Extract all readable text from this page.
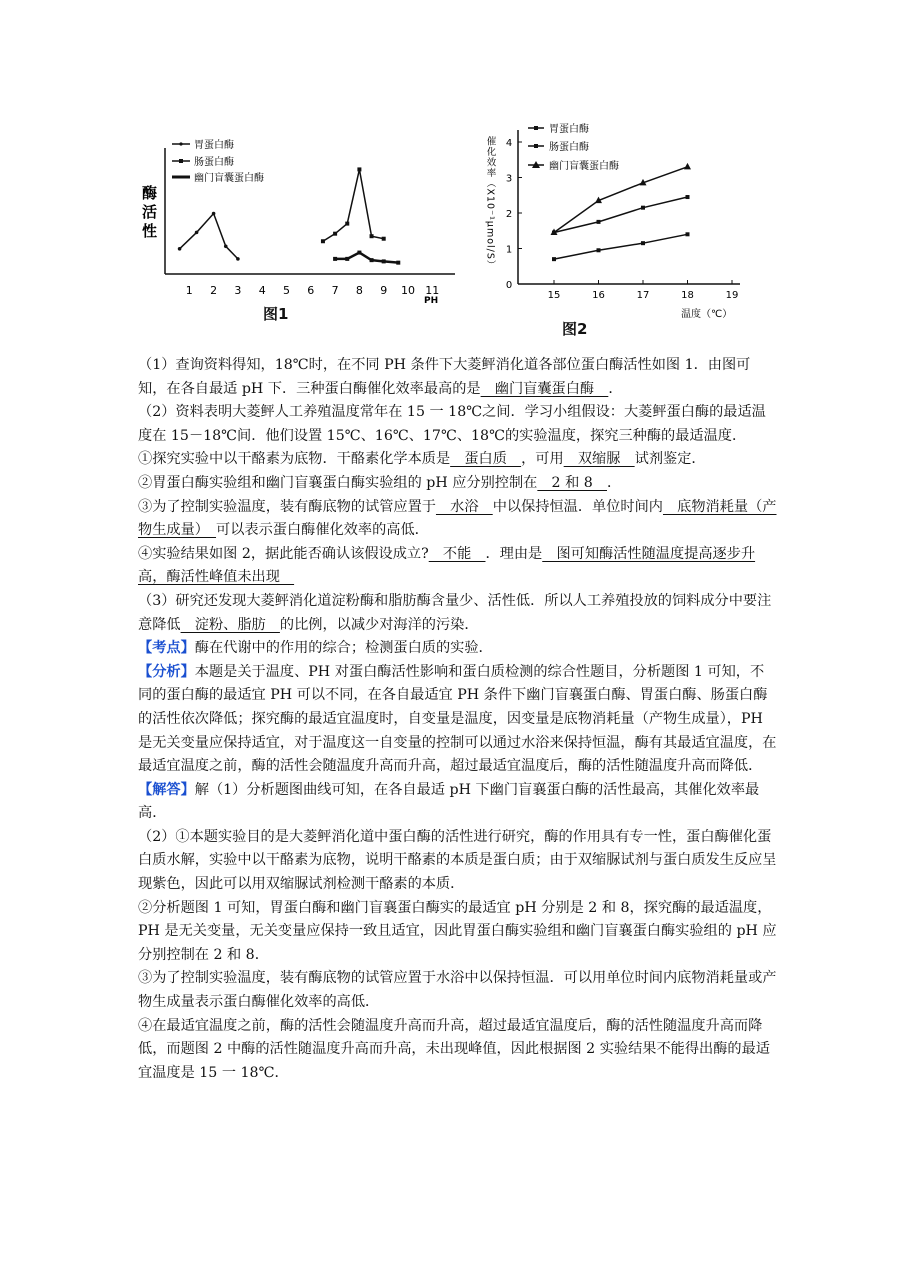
酶活性
PH
1 2 3 4 5 6 7 8 9 10 11
胃蛋白酶
肠蛋白酶
幽门盲囊蛋白酶
图1
催化效率（X10⁻¹μmol/S）
温度（℃）
15	16	17	18	19
0
1
2
3
4
胃蛋白酶
肠蛋白酶
幽门盲囊蛋白酶
图2

（1）查询资料得知，18℃时，在不同 PH 条件下大菱鲆消化道各部位蛋白酶活性如图 1．由图可知，在各自最适 pH 下．三种蛋白酶催化效率最高的是　幽门盲囊蛋白酶　．

（2）资料表明大菱鲆人工养殖温度常年在 15 一 18℃之间．学习小组假设：大菱鲆蛋白酶的最适温度在 15－18℃间．他们设置 15℃、16℃、17℃、18℃的实验温度，探究三种酶的最适温度．

①探究实验中以干酪素为底物．干酪素化学本质是　蛋白质　，可用　双缩脲　试剂鉴定．

②胃蛋白酶实验组和幽门盲襄蛋白酶实验组的 pH 应分别控制在　2 和 8　．

③为了控制实验温度，装有酶底物的试管应置于　水浴　中以保持恒温．单位时间内　底物消耗量（产物生成量）　可以表示蛋白酶催化效率的高低．

④实验结果如图 2，据此能否确认该假设成立?　不能　．理由是　图可知酶活性随温度提高逐步升高，酶活性峰值未出现　

（3）研究还发现大菱鲆消化道淀粉酶和脂肪酶含量少、活性低．所以人工养殖投放的饲料成分中要注意降低　淀粉、脂肪　的比例，以减少对海洋的污染．

【考点】酶在代谢中的作用的综合；检测蛋白质的实验．

【分析】本题是关于温度、PH 对蛋白酶活性影响和蛋白质检测的综合性题目，分析题图 1 可知，不同的蛋白酶的最适宜 PH 可以不同，在各自最适宜 PH 条件下幽门盲襄蛋白酶、胃蛋白酶、肠蛋白酶的活性依次降低；探究酶的最适宜温度时，自变量是温度，因变量是底物消耗量（产物生成量），PH 是无关变量应保持适宜，对于温度这一自变量的控制可以通过水浴来保持恒温，酶有其最适宜温度，在最适宜温度之前，酶的活性会随温度升高而升高，超过最适宜温度后，酶的活性随温度升高而降低．

【解答】解（1）分析题图曲线可知，在各自最适 pH 下幽门盲襄蛋白酶的活性最高，其催化效率最高．

（2）①本题实验目的是大菱鲆消化道中蛋白酶的活性进行研究，酶的作用具有专一性，蛋白酶催化蛋白质水解，实验中以干酪素为底物，说明干酪素的本质是蛋白质；由于双缩脲试剂与蛋白质发生反应呈现紫色，因此可以用双缩脲试剂检测干酪素的本质．

②分析题图 1 可知，胃蛋白酶和幽门盲襄蛋白酶实的最适宜 pH 分别是 2 和 8，探究酶的最适温度，PH 是无关变量，无关变量应保持一致且适宜，因此胃蛋白酶实验组和幽门盲襄蛋白酶实验组的 pH 应分别控制在 2 和 8．

③为了控制实验温度，装有酶底物的试管应置于水浴中以保持恒温．可以用单位时间内底物消耗量或产物生成量表示蛋白酶催化效率的高低．

④在最适宜温度之前，酶的活性会随温度升高而升高，超过最适宜温度后，酶的活性随温度升高而降低，而题图 2 中酶的活性随温度升高而升高，未出现峰值，因此根据图 2 实验结果不能得出酶的最适宜温度是 15 一 18℃．
